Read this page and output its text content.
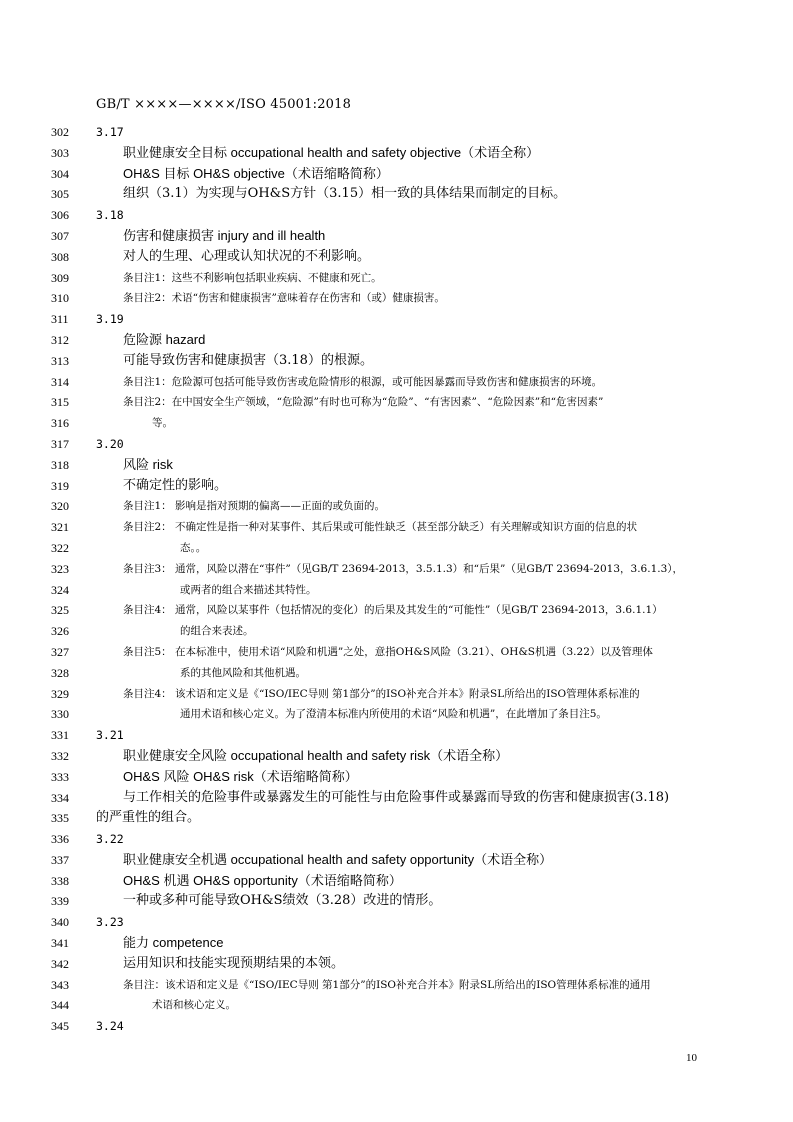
GB/T ××××—××××/ISO 45001:2018
302	3.17
303	职业健康安全目标 occupational health and safety objective（术语全称）
304	OH&S 目标 OH&S objective（术语缩略简称）
305	组织（3.1）为实现与OH&S方针（3.15）相一致的具体结果而制定的目标。
306	3.18
307	伤害和健康损害 injury and ill health
308	对人的生理、心理或认知状况的不利影响。
309	条目注1：这些不利影响包括职业疾病、不健康和死亡。
310	条目注2：术语“伤害和健康损害”意味着存在伤害和（或）健康损害。
311	3.19
312	危险源 hazard
313	可能导致伤害和健康损害（3.18）的根源。
314	条目注1：危险源可包括可能导致伤害或危险情形的根源，或可能因暴露而导致伤害和健康损害的环境。
315	条目注2：在中国安全生产领域，“危险源”有时也可称为“危险”、“有害因素”、“危险因素”和“危害因素”
316	等。
317	3.20
318	风险 risk
319	不确定性的影响。
320	条目注1： 影响是指对预期的偏离——正面的或负面的。
321	条目注2： 不确定性是指一种对某事件、其后果或可能性缺乏（甚至部分缺乏）有关理解或知识方面的信息的状
322	态。。
323	条目注3： 通常，风险以潜在“事件”（见GB/T 23694-2013，3.5.1.3）和“后果”（见GB/T 23694-2013，3.6.1.3），
324	或两者的组合来描述其特性。
325	条目注4： 通常，风险以某事件（包括情况的变化）的后果及其发生的“可能性”（见GB/T 23694-2013，3.6.1.1）
326	的组合来表述。
327	条目注5： 在本标准中，使用术语“风险和机遇”之处，意指OH&S风险（3.21）、OH&S机遇（3.22）以及管理体
328	系的其他风险和其他机遇。
329	条目注4： 该术语和定义是《“ISO/IEC导则 第1部分”的ISO补充合并本》附录SL所给出的ISO管理体系标准的
330	通用术语和核心定义。为了澄清本标准内所使用的术语“风险和机遇”，在此增加了条目注5。
331	3.21
332	职业健康安全风险 occupational health and safety risk（术语全称）
333	OH&S 风险 OH&S risk（术语缩略简称）
334	与工作相关的危险事件或暴露发生的可能性与由危险事件或暴露而导致的伤害和健康损害(3.18)
335	的严重性的组合。
336	3.22
337	职业健康安全机遇 occupational health and safety opportunity（术语全称）
338	OH&S 机遇 OH&S opportunity（术语缩略简称）
339	一种或多种可能导致OH&S绩效（3.28）改进的情形。
340	3.23
341	能力 competence
342	运用知识和技能实现预期结果的本领。
343	条目注：该术语和定义是《“ISO/IEC导则 第1部分”的ISO补充合并本》附录SL所给出的ISO管理体系标准的通用
344	术语和核心定义。
345	3.24
10
